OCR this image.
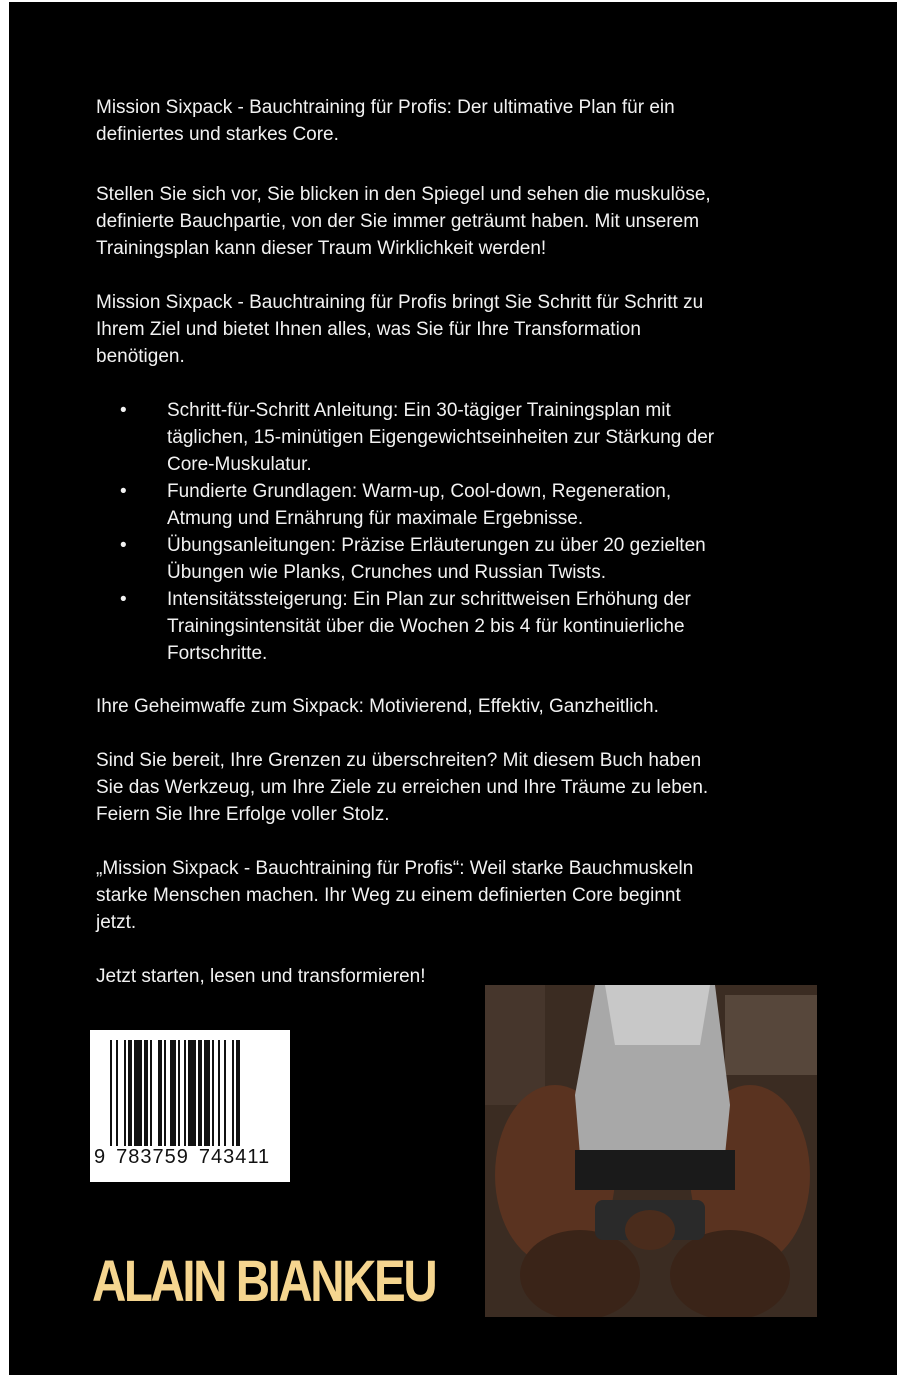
Mission Sixpack - Bauchtraining für Profis: Der ultimative Plan für ein
definiertes und starkes Core.
Stellen Sie sich vor, Sie blicken in den Spiegel und sehen die muskulöse,
definierte Bauchpartie, von der Sie immer geträumt haben. Mit unserem
Trainingsplan kann dieser Traum Wirklichkeit werden!
Mission Sixpack - Bauchtraining für Profis bringt Sie Schritt für Schritt zu
Ihrem Ziel und bietet Ihnen alles, was Sie für Ihre Transformation
benötigen.
• Schritt-für-Schritt Anleitung: Ein 30-tägiger Trainingsplan mit
täglichen, 15-minütigen Eigengewichtseinheiten zur Stärkung der
Core-Muskulatur.
• Fundierte Grundlagen: Warm-up, Cool-down, Regeneration,
Atmung und Ernährung für maximale Ergebnisse.
• Übungsanleitungen: Präzise Erläuterungen zu über 20 gezielten
Übungen wie Planks, Crunches und Russian Twists.
• Intensitätssteigerung: Ein Plan zur schrittweisen Erhöhung der
Trainingsintensität über die Wochen 2 bis 4 für kontinuierliche
Fortschritte.
Ihre Geheimwaffe zum Sixpack: Motivierend, Effektiv, Ganzheitlich.
Sind Sie bereit, Ihre Grenzen zu überschreiten? Mit diesem Buch haben
Sie das Werkzeug, um Ihre Ziele zu erreichen und Ihre Träume zu leben.
Feiern Sie Ihre Erfolge voller Stolz.
„Mission Sixpack - Bauchtraining für Profis“: Weil starke Bauchmuskeln
starke Menschen machen. Ihr Weg zu einem definierten Core beginnt
jetzt.
Jetzt starten, lesen und transformieren!
9 783759 743411
ALAIN BIANKEU
